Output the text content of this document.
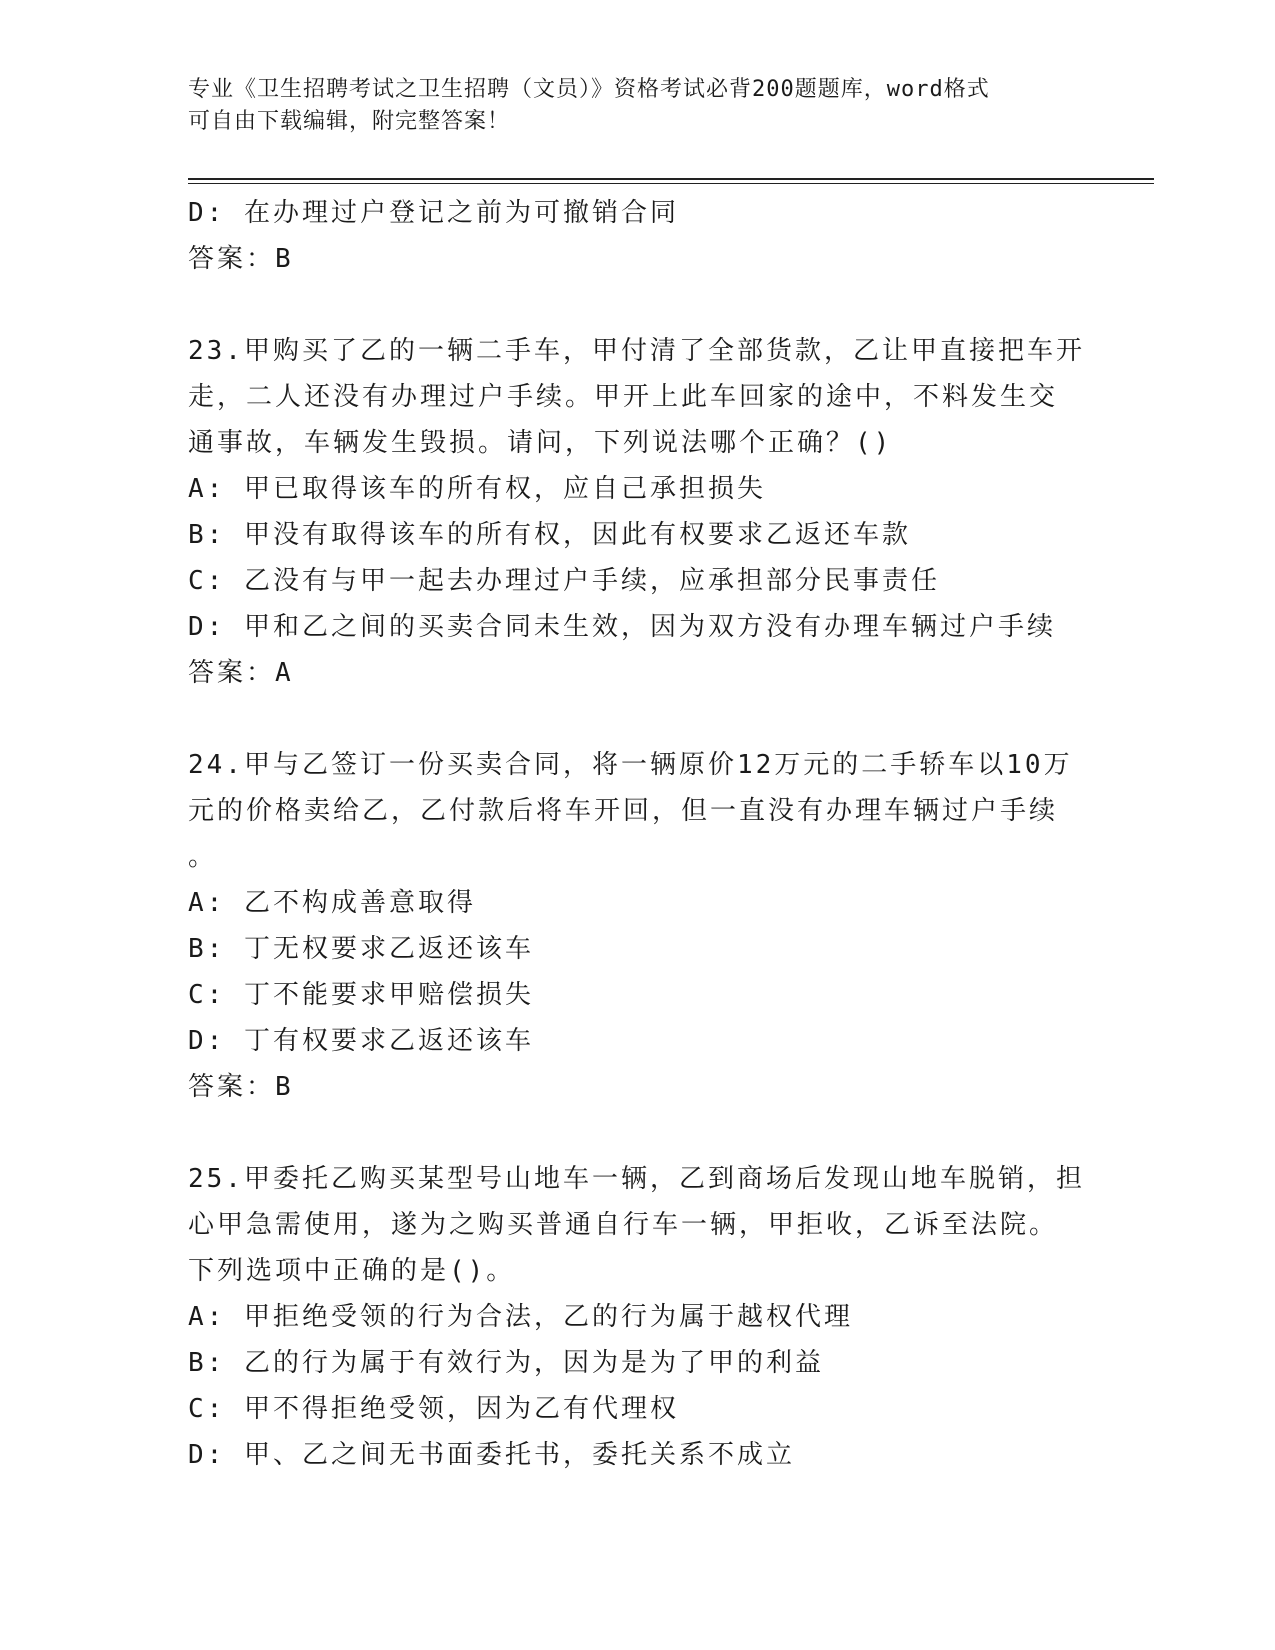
专业《卫生招聘考试之卫生招聘（文员）》资格考试必背200题题库，word格式

可自由下载编辑，附完整答案！

D: 在办理过户登记之前为可撤销合同
答案：B
23.甲购买了乙的一辆二手车，甲付清了全部货款，乙让甲直接把车开
走，二人还没有办理过户手续。甲开上此车回家的途中，不料发生交
通事故，车辆发生毁损。请问，下列说法哪个正确？()
A: 甲已取得该车的所有权，应自己承担损失
B: 甲没有取得该车的所有权，因此有权要求乙返还车款
C: 乙没有与甲一起去办理过户手续，应承担部分民事责任
D: 甲和乙之间的买卖合同未生效，因为双方没有办理车辆过户手续
答案：A
24.甲与乙签订一份买卖合同，将一辆原价12万元的二手轿车以10万
元的价格卖给乙，乙付款后将车开回，但一直没有办理车辆过户手续
。
A: 乙不构成善意取得
B: 丁无权要求乙返还该车
C: 丁不能要求甲赔偿损失
D: 丁有权要求乙返还该车
答案：B
25.甲委托乙购买某型号山地车一辆，乙到商场后发现山地车脱销，担
心甲急需使用，遂为之购买普通自行车一辆，甲拒收，乙诉至法院。
下列选项中正确的是()。
A: 甲拒绝受领的行为合法，乙的行为属于越权代理
B: 乙的行为属于有效行为，因为是为了甲的利益
C: 甲不得拒绝受领，因为乙有代理权
D: 甲、乙之间无书面委托书，委托关系不成立
